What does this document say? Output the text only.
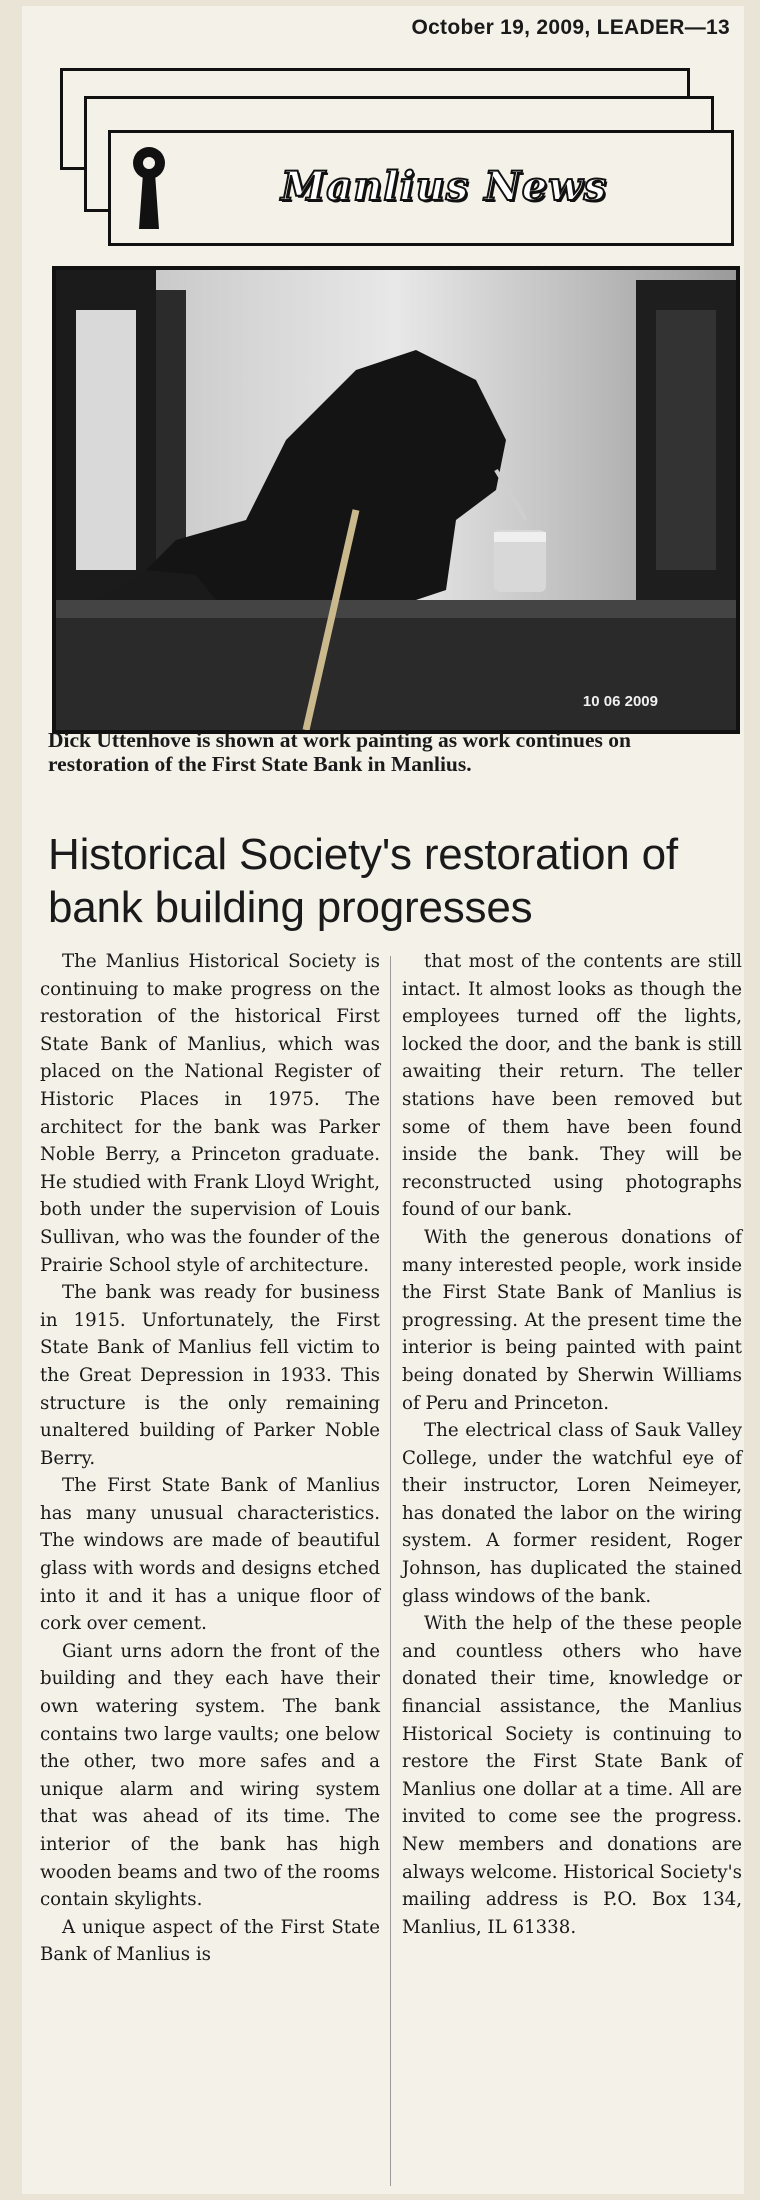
October 19, 2009, LEADER—13
Manlius News
10 06 2009
Dick Uttenhove is shown at work painting as work continues on restoration of the First State Bank in Manlius.
Historical Society's restoration of bank building progresses

The Manlius Historical Society is continuing to make progress on the restoration of the historical First State Bank of Manlius, which was placed on the National Register of Historic Places in 1975. The architect for the bank was Parker Noble Berry, a Princeton graduate. He studied with Frank Lloyd Wright, both under the supervision of Louis Sullivan, who was the founder of the Prairie School style of architecture.

The bank was ready for business in 1915. Unfortunately, the First State Bank of Manlius fell victim to the Great Depression in 1933. This structure is the only remaining unaltered building of Parker Noble Berry.

The First State Bank of Manlius has many unusual characteristics. The windows are made of beautiful glass with words and designs etched into it and it has a unique floor of cork over cement.

Giant urns adorn the front of the building and they each have their own watering system. The bank contains two large vaults; one below the other, two more safes and a unique alarm and wiring system that was ahead of its time. The interior of the bank has high wooden beams and two of the rooms contain skylights.

A unique aspect of the First State Bank of Manlius is

that most of the contents are still intact. It almost looks as though the employees turned off the lights, locked the door, and the bank is still awaiting their return. The teller stations have been removed but some of them have been found inside the bank. They will be reconstructed using photographs found of our bank.

With the generous donations of many interested people, work inside the First State Bank of Manlius is progressing. At the present time the interior is being painted with paint being donated by Sherwin Williams of Peru and Princeton.

The electrical class of Sauk Valley College, under the watchful eye of their instructor, Loren Neimeyer, has donated the labor on the wiring system. A former resident, Roger Johnson, has duplicated the stained glass windows of the bank.

With the help of the these people and countless others who have donated their time, knowledge or financial assistance, the Manlius Historical Society is continuing to restore the First State Bank of Manlius one dollar at a time. All are invited to come see the progress. New members and donations are always welcome. Historical Society's mailing address is P.O. Box 134, Manlius, IL 61338.
